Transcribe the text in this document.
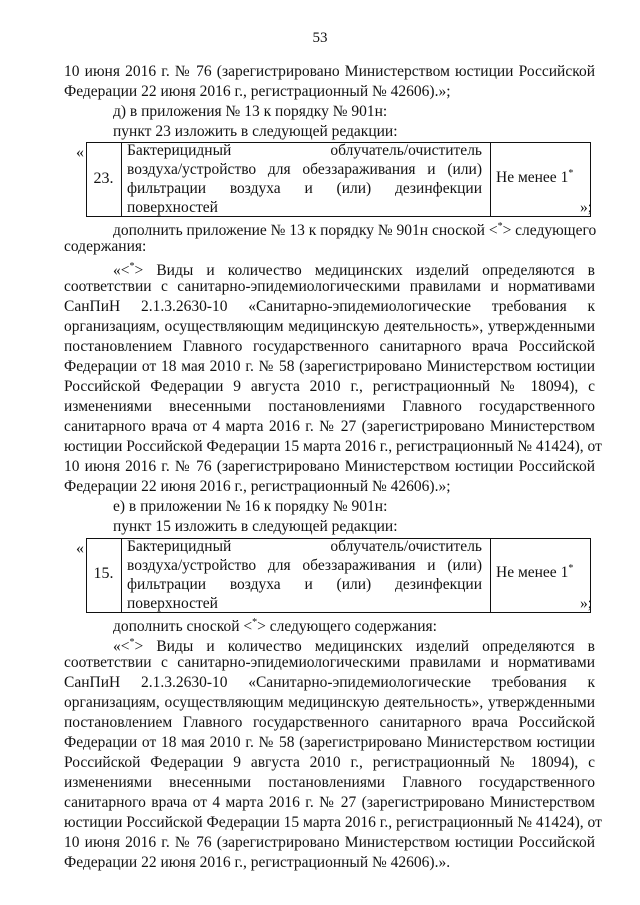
53
10 июня 2016 г. № 76 (зарегистрировано Министерством юстиции Российской
Федерации 22 июня 2016 г., регистрационный № 42606).»;
д) в приложения № 13 к порядку № 901н:
пункт 23 изложить в следующей редакции:
«
23.
Бактерицидный облучатель/очиститель
воздуха/устройство для обеззараживания и (или)
фильтрации воздуха и (или) дезинфекции
поверхностей
Не менее 1*
»;
дополнить приложение № 13 к порядку № 901н сноской <*> следующего
содержания:
«<*> Виды и количество медицинских изделий определяются в
соответствии с санитарно-эпидемиологическими правилами и нормативами
СанПиН 2.1.3.2630-10 «Санитарно-эпидемиологические требования к
организациям, осуществляющим медицинскую деятельность», утвержденными
постановлением Главного государственного санитарного врача Российской
Федерации от 18 мая 2010 г. № 58 (зарегистрировано Министерством юстиции
Российской Федерации 9 августа 2010 г., регистрационный № 18094), с
изменениями внесенными постановлениями Главного государственного
санитарного врача от 4 марта 2016 г. № 27 (зарегистрировано Министерством
юстиции Российской Федерации 15 марта 2016 г., регистрационный № 41424), от
10 июня 2016 г. № 76 (зарегистрировано Министерством юстиции Российской
Федерации 22 июня 2016 г., регистрационный № 42606).»;
е) в приложении № 16 к порядку № 901н:
пункт 15 изложить в следующей редакции:
«
15.
Бактерицидный облучатель/очиститель
воздуха/устройство для обеззараживания и (или)
фильтрации воздуха и (или) дезинфекции
поверхностей
Не менее 1*
»;
дополнить сноской <*> следующего содержания:
«<*> Виды и количество медицинских изделий определяются в
соответствии с санитарно-эпидемиологическими правилами и нормативами
СанПиН 2.1.3.2630-10 «Санитарно-эпидемиологические требования к
организациям, осуществляющим медицинскую деятельность», утвержденными
постановлением Главного государственного санитарного врача Российской
Федерации от 18 мая 2010 г. № 58 (зарегистрировано Министерством юстиции
Российской Федерации 9 августа 2010 г., регистрационный № 18094), с
изменениями внесенными постановлениями Главного государственного
санитарного врача от 4 марта 2016 г. № 27 (зарегистрировано Министерством
юстиции Российской Федерации 15 марта 2016 г., регистрационный № 41424), от
10 июня 2016 г. № 76 (зарегистрировано Министерством юстиции Российской
Федерации 22 июня 2016 г., регистрационный № 42606).».
